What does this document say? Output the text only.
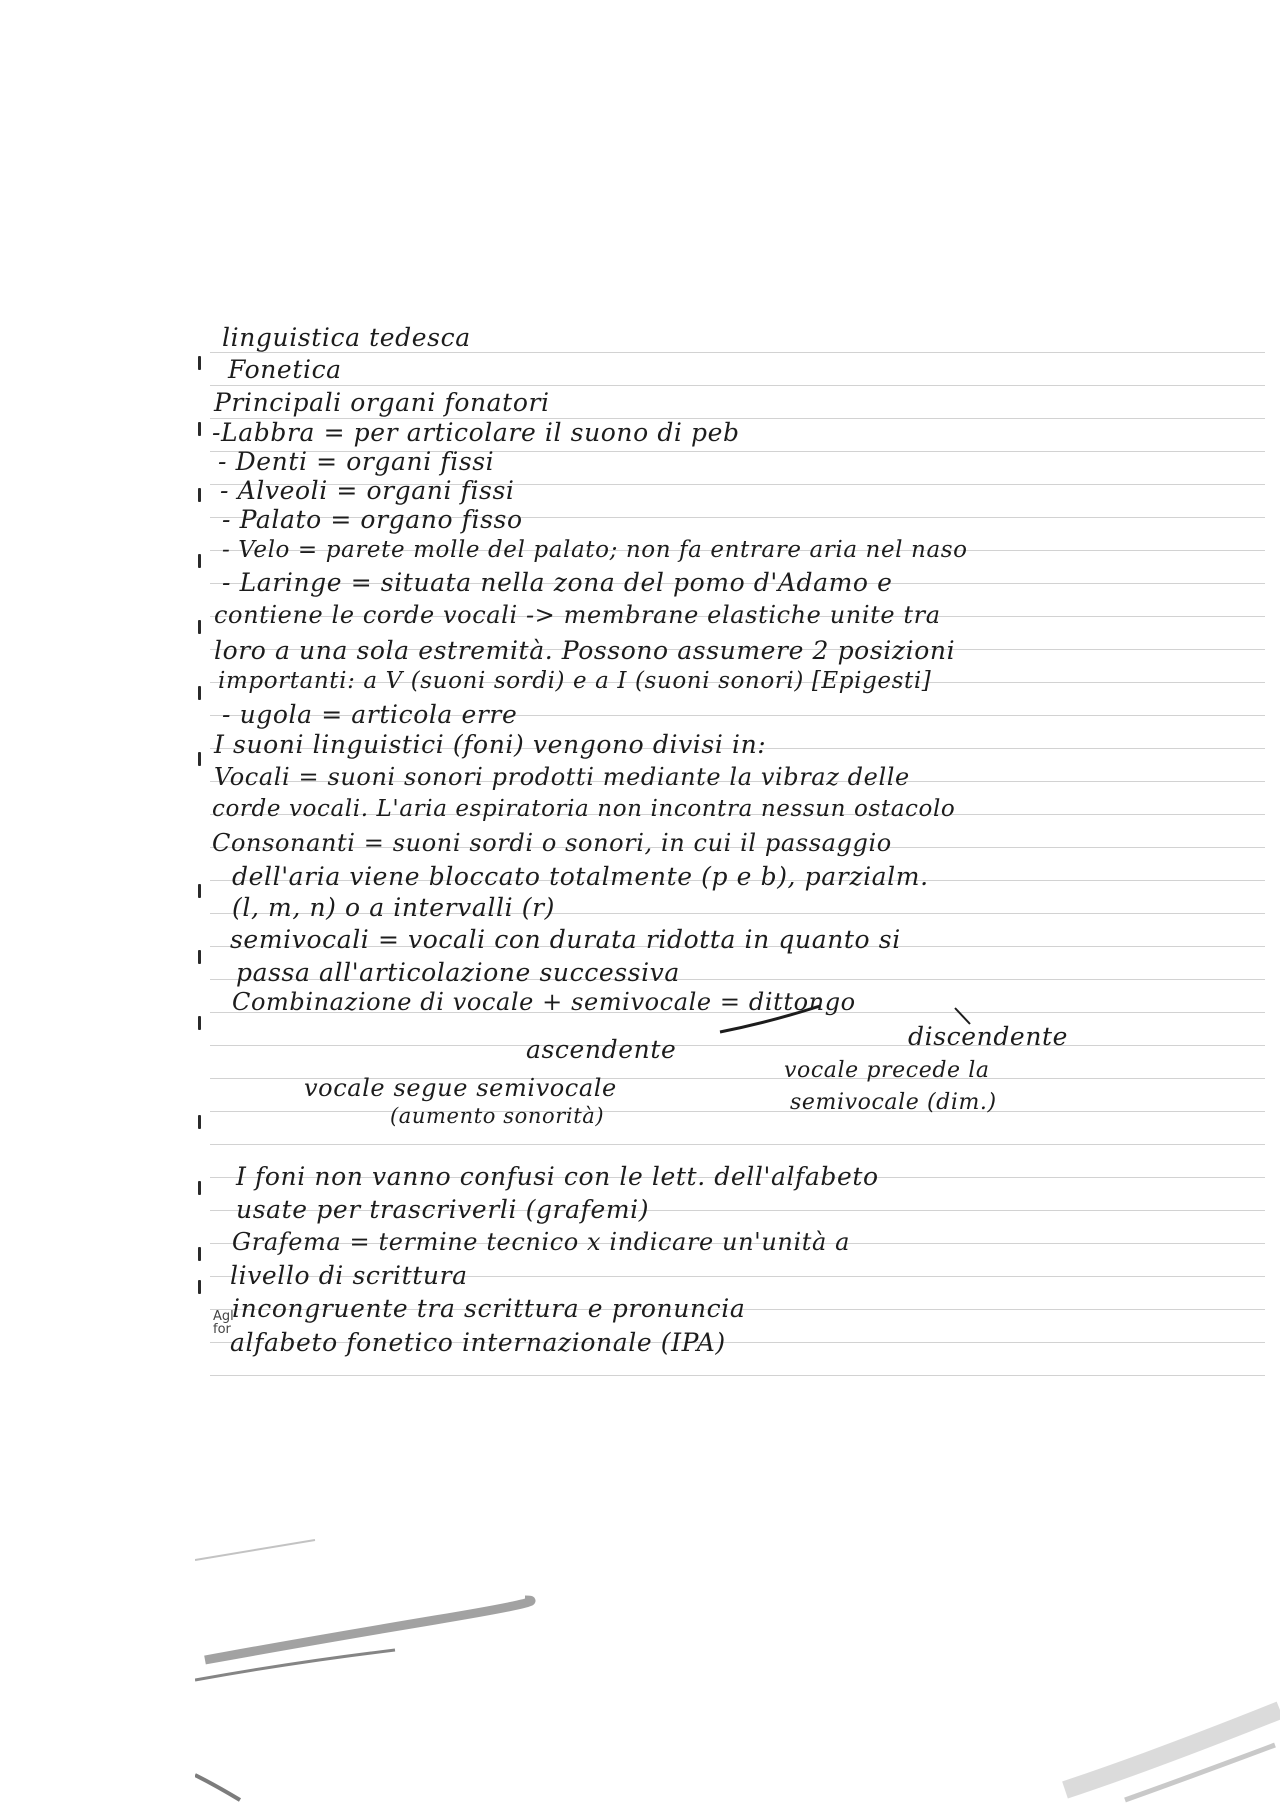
linguistica tedesca
Fonetica
Principali organi fonatori
-Labbra = per articolare il suono di peb
- Denti = organi fissi
- Alveoli = organi fissi
- Palato = organo fisso
- Velo = parete molle del palato; non fa entrare aria nel naso
- Laringe = situata nella zona del pomo d'Adamo e
contiene le corde vocali -> membrane elastiche unite tra
loro a una sola estremità. Possono assumere 2 posizioni
importanti: a V (suoni sordi) e a I (suoni sonori) [Epigesti]
- ugola = articola erre
I suoni linguistici (foni) vengono divisi in:
Vocali = suoni sonori prodotti mediante la vibraz delle
corde vocali. L'aria espiratoria non incontra nessun ostacolo
Consonanti = suoni sordi o sonori, in cui il passaggio
dell'aria viene bloccato totalmente (p e b), parzialm.
(l, m, n) o a intervalli (r)
semivocali = vocali con durata ridotta in quanto si
passa all'articolazione successiva
Combinazione di vocale + semivocale = dittongo
ascendente	discendente
vocale segue semivocale
vocale precede la
(aumento sonorità)
semivocale (dim.)
I foni non vanno confusi con le lett. dell'alfabeto
usate per trascriverli (grafemi)
Grafema = termine tecnico x indicare un'unità a
livello di scrittura
incongruente tra scrittura e pronuncia
alfabeto fonetico internazionale (IPA)
Agl
for
